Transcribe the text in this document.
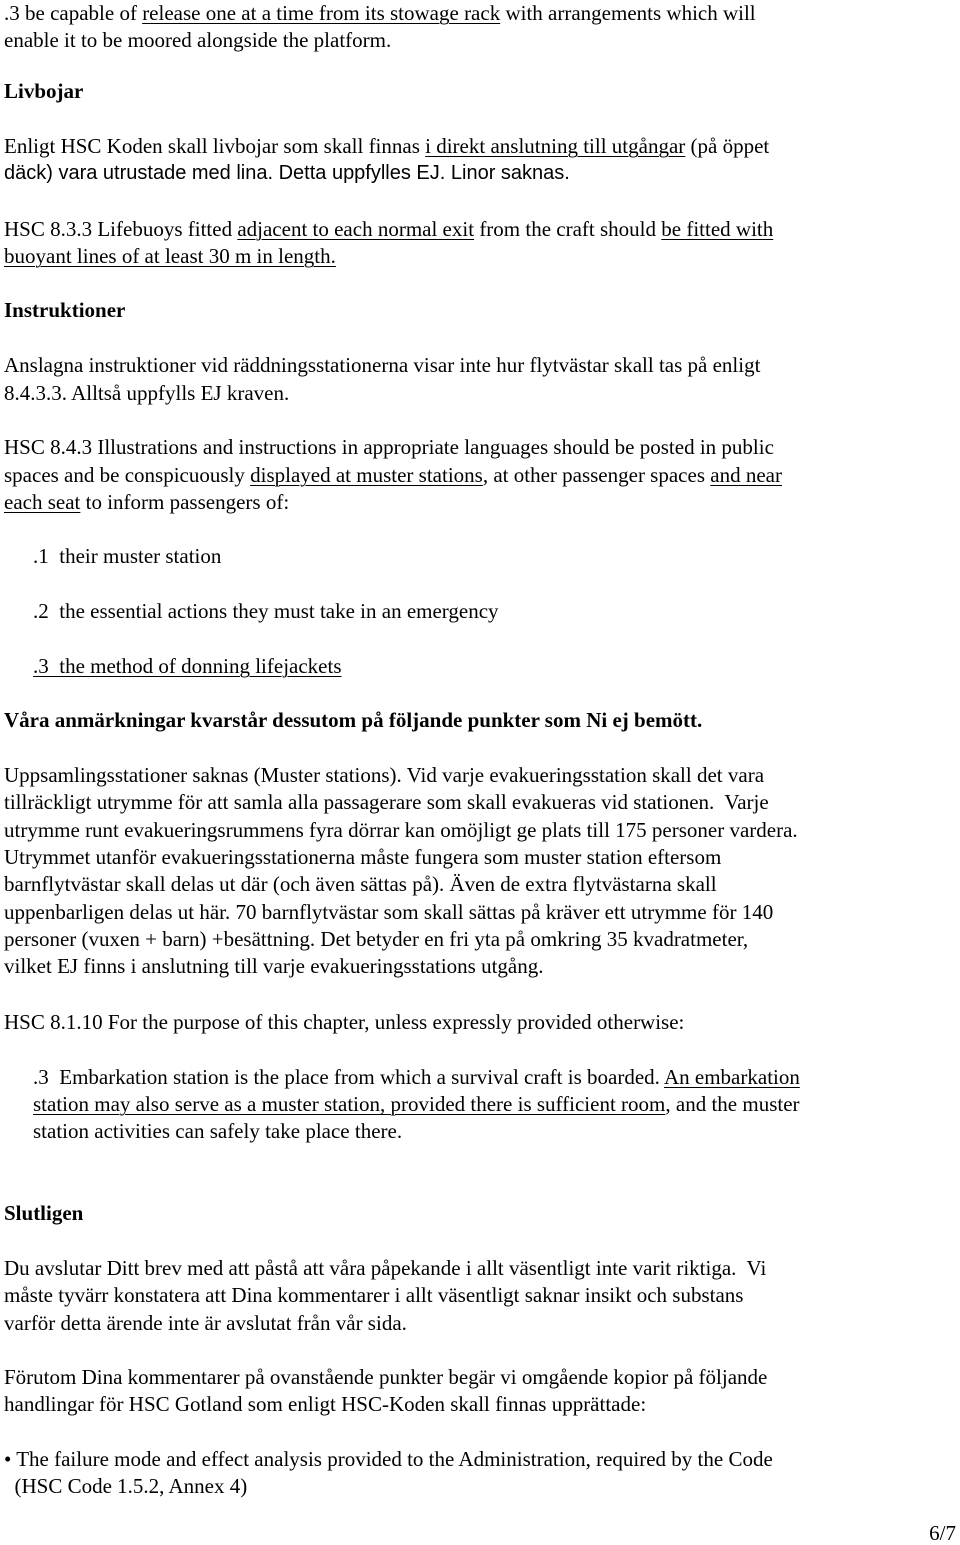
.3 be capable of release one at a time from its stowage rack with arrangements which will
enable it to be moored alongside the platform.
Livbojar
Enligt HSC Koden skall livbojar som skall finnas i direkt anslutning till utgångar (på öppet
däck) vara utrustade med lina. Detta uppfylles EJ. Linor saknas.
HSC 8.3.3 Lifebuoys fitted adjacent to each normal exit from the craft should be fitted with
buoyant lines of at least 30 m in length.
Instruktioner
Anslagna instruktioner vid räddningsstationerna visar inte hur flytvästar skall tas på enligt
8.4.3.3. Alltså uppfylls EJ kraven.
HSC 8.4.3 Illustrations and instructions in appropriate languages should be posted in public
spaces and be conspicuously displayed at muster stations, at other passenger spaces and near
each seat to inform passengers of:
.1  their muster station
.2  the essential actions they must take in an emergency
.3  the method of donning lifejackets
Våra anmärkningar kvarstår dessutom på följande punkter som Ni ej bemött.
Uppsamlingsstationer saknas (Muster stations). Vid varje evakueringsstation skall det vara
tillräckligt utrymme för att samla alla passagerare som skall evakueras vid stationen.  Varje
utrymme runt evakueringsrummens fyra dörrar kan omöjligt ge plats till 175 personer vardera.
Utrymmet utanför evakueringsstationerna måste fungera som muster station eftersom
barnflytvästar skall delas ut där (och även sättas på). Även de extra flytvästarna skall
uppenbarligen delas ut här. 70 barnflytvästar som skall sättas på kräver ett utrymme för 140
personer (vuxen + barn) +besättning. Det betyder en fri yta på omkring 35 kvadratmeter,
vilket EJ finns i anslutning till varje evakueringsstations utgång.
HSC 8.1.10 For the purpose of this chapter, unless expressly provided otherwise:
.3  Embarkation station is the place from which a survival craft is boarded. An embarkation
station may also serve as a muster station, provided there is sufficient room, and the muster
station activities can safely take place there.
Slutligen
Du avslutar Ditt brev med att påstå att våra påpekande i allt väsentligt inte varit riktiga.  Vi
måste tyvärr konstatera att Dina kommentarer i allt väsentligt saknar insikt och substans
varför detta ärende inte är avslutat från vår sida.
Förutom Dina kommentarer på ovanstående punkter begär vi omgående kopior på följande
handlingar för HSC Gotland som enligt HSC-Koden skall finnas upprättade:
• The failure mode and effect analysis provided to the Administration, required by the Code
(HSC Code 1.5.2, Annex 4)
6/7
